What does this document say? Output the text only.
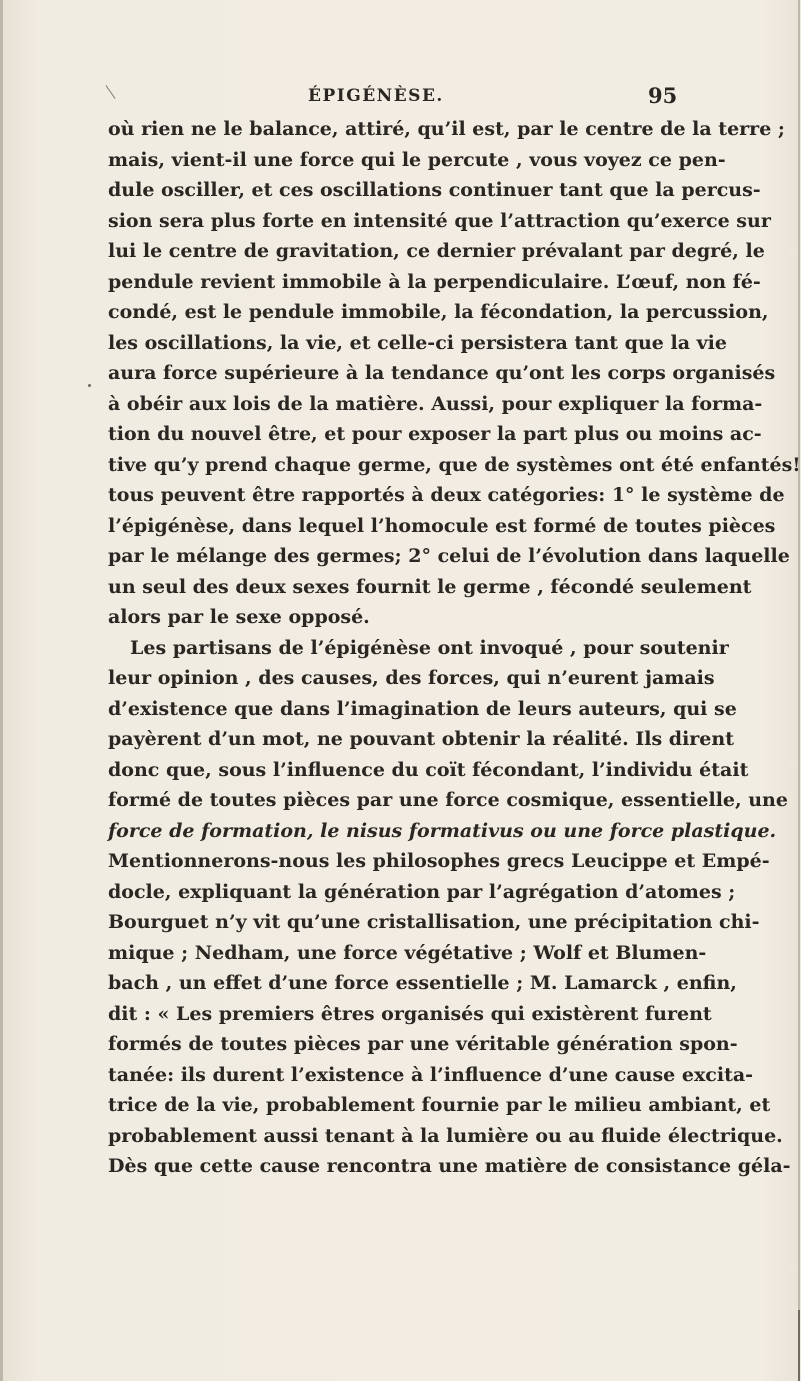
ÉPIGÉNÈSE.	95
où rien ne le balance, attiré, qu’il est, par le centre de la terre ;
mais, vient-il une force qui le percute , vous voyez ce pen-
dule osciller, et ces oscillations continuer tant que la percus-
sion sera plus forte en intensité que l’attraction qu’exerce sur
lui le centre de gravitation, ce dernier prévalant par degré, le
pendule revient immobile à la perpendiculaire. L’œuf, non fé-
condé, est le pendule immobile, la fécondation, la percussion,
les oscillations, la vie, et celle-ci persistera tant que la vie
aura force supérieure à la tendance qu’ont les corps organisés
à obéir aux lois de la matière. Aussi, pour expliquer la forma-
tion du nouvel être, et pour exposer la part plus ou moins ac-
tive qu’y prend chaque germe, que de systèmes ont été enfantés!
tous peuvent être rapportés à deux catégories: 1° le système de
l’épigénèse, dans lequel l’homocule est formé de toutes pièces
par le mélange des germes; 2° celui de l’évolution dans laquelle
un seul des deux sexes fournit le germe , fécondé seulement
alors par le sexe opposé.
Les partisans de l’épigénèse ont invoqué , pour soutenir
leur opinion , des causes, des forces, qui n’eurent jamais
d’existence que dans l’imagination de leurs auteurs, qui se
payèrent d’un mot, ne pouvant obtenir la réalité. Ils dirent
donc que, sous l’influence du coït fécondant, l’individu était
formé de toutes pièces par une force cosmique, essentielle, une
force de formation, le nisus formativus ou une force plastique.
Mentionnerons-nous les philosophes grecs Leucippe et Empé-
docle, expliquant la génération par l’agrégation d’atomes ;
Bourguet n’y vit qu’une cristallisation, une précipitation chi-
mique ; Nedham, une force végétative ; Wolf et Blumen-
bach , un effet d’une force essentielle ; M. Lamarck , enfin,
dit : « Les premiers êtres organisés qui existèrent furent
formés de toutes pièces par une véritable génération spon-
tanée: ils durent l’existence à l’influence d’une cause excita-
trice de la vie, probablement fournie par le milieu ambiant, et
probablement aussi tenant à la lumière ou au fluide électrique.
Dès que cette cause rencontra une matière de consistance géla-
